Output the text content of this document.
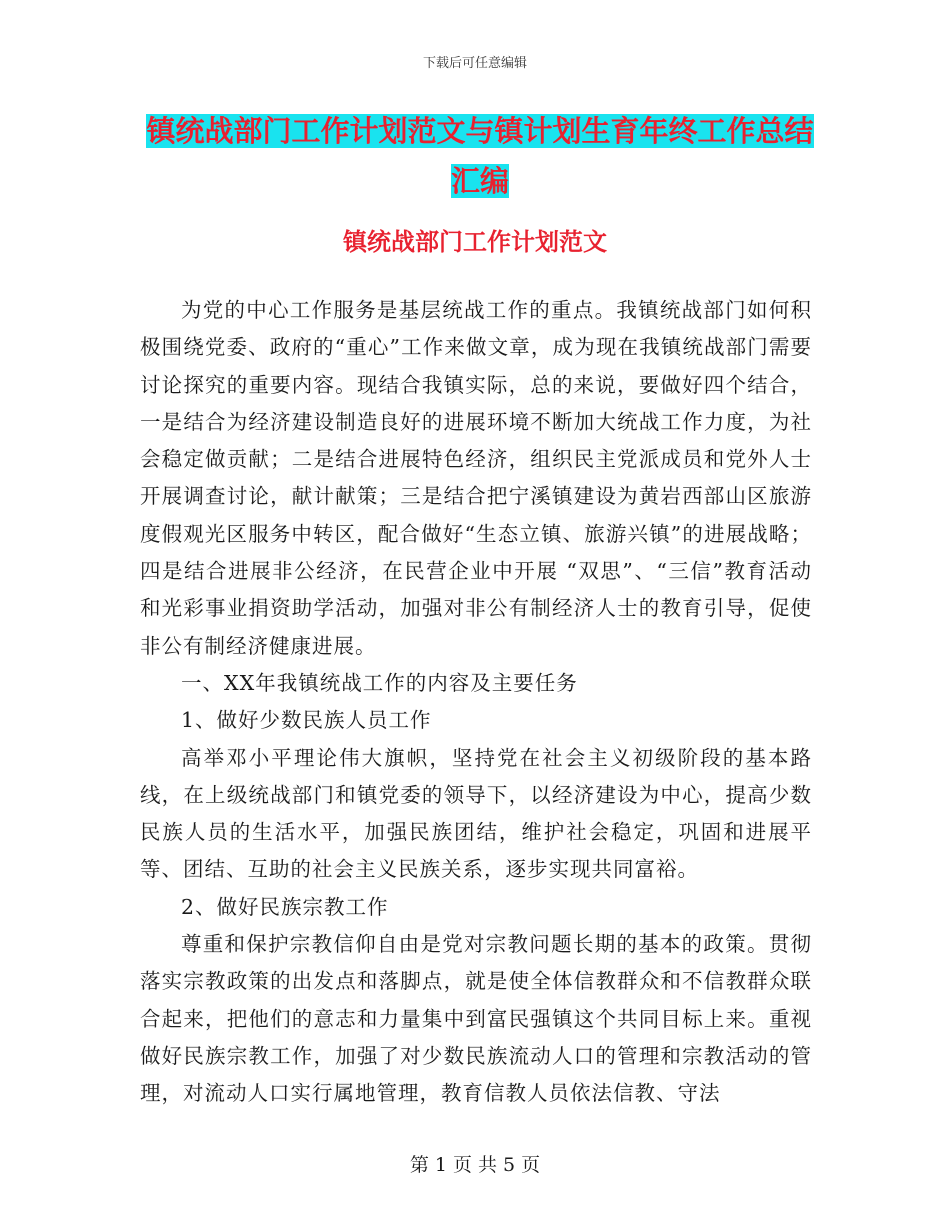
下载后可任意编辑
镇统战部门工作计划范文与镇计划生育年终工作总结
汇编
镇统战部门工作计划范文

为党的中心工作服务是基层统战工作的重点。我镇统战部门如何积极围绕党委、政府的“重心”工作来做文章，成为现在我镇统战部门需要讨论探究的重要内容。现结合我镇实际，总的来说，要做好四个结合，一是结合为经济建设制造良好的进展环境不断加大统战工作力度，为社会稳定做贡献；二是结合进展特色经济，组织民主党派成员和党外人士开展调查讨论，献计献策；三是结合把宁溪镇建设为黄岩西部山区旅游度假观光区服务中转区，配合做好“生态立镇、旅游兴镇”的进展战略；四是结合进展非公经济，在民营企业中开展 “双思”、“三信”教育活动和光彩事业捐资助学活动，加强对非公有制经济人士的教育引导，促使非公有制经济健康进展。

一、XX年我镇统战工作的内容及主要任务

1、做好少数民族人员工作

高举邓小平理论伟大旗帜，坚持党在社会主义初级阶段的基本路线，在上级统战部门和镇党委的领导下，以经济建设为中心，提高少数民族人员的生活水平，加强民族团结，维护社会稳定，巩固和进展平等、团结、互助的社会主义民族关系，逐步实现共同富裕。

2、做好民族宗教工作

尊重和保护宗教信仰自由是党对宗教问题长期的基本的政策。贯彻落实宗教政策的出发点和落脚点，就是使全体信教群众和不信教群众联合起来，把他们的意志和力量集中到富民强镇这个共同目标上来。重视做好民族宗教工作，加强了对少数民族流动人口的管理和宗教活动的管理，对流动人口实行属地管理，教育信教人员依法信教、守法

第 1 页 共 5 页
